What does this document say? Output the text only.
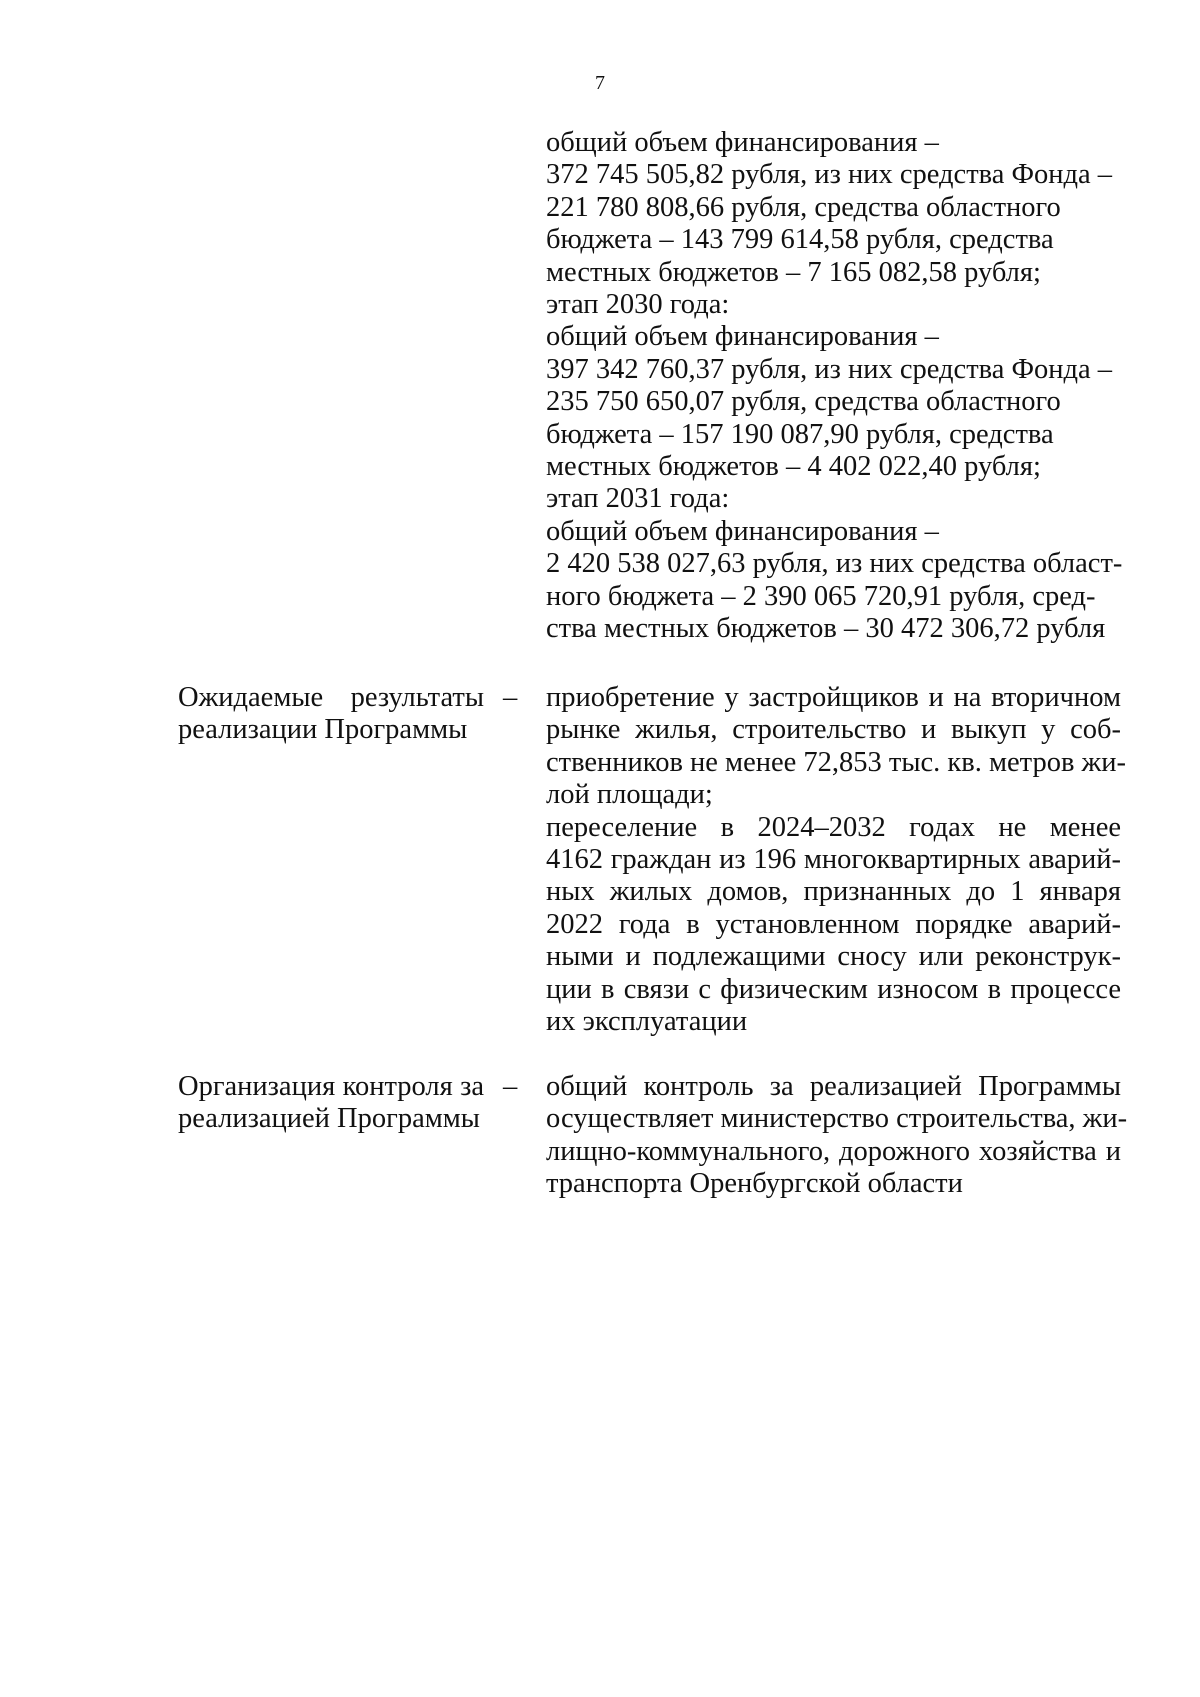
7
общий объем финансирования –
372 745 505,82 рубля, из них средства Фонда –
221 780 808,66 рубля, средства областного
бюджета – 143 799 614,58 рубля, средства
местных бюджетов – 7 165 082,58 рубля;
этап 2030 года:
общий объем финансирования –
397 342 760,37 рубля, из них средства Фонда –
235 750 650,07 рубля, средства областного
бюджета – 157 190 087,90 рубля, средства
местных бюджетов – 4 402 022,40 рубля;
этап 2031 года:
общий объем финансирования –
2 420 538 027,63 рубля, из них средства област-
ного бюджета – 2 390 065 720,91 рубля, сред-
ства местных бюджетов – 30 472 306,72 рубля
Ожидаемые результаты
реализации Программы
– приобретение у застройщиков и на вторичном
рынке жилья, строительство и выкуп у соб-
ственников не менее 72,853 тыс. кв. метров жи-
лой площади;
переселение в 2024–2032 годах не менее
4162 граждан из 196 многоквартирных аварий-
ных жилых домов, признанных до 1 января
2022 года в установленном порядке аварий-
ными и подлежащими сносу или реконструк-
ции в связи с физическим износом в процессе
их эксплуатации
Организация контроля за
реализацией Программы
– общий контроль за реализацией Программы
осуществляет министерство строительства, жи-
лищно-коммунального, дорожного хозяйства и
транспорта Оренбургской области
